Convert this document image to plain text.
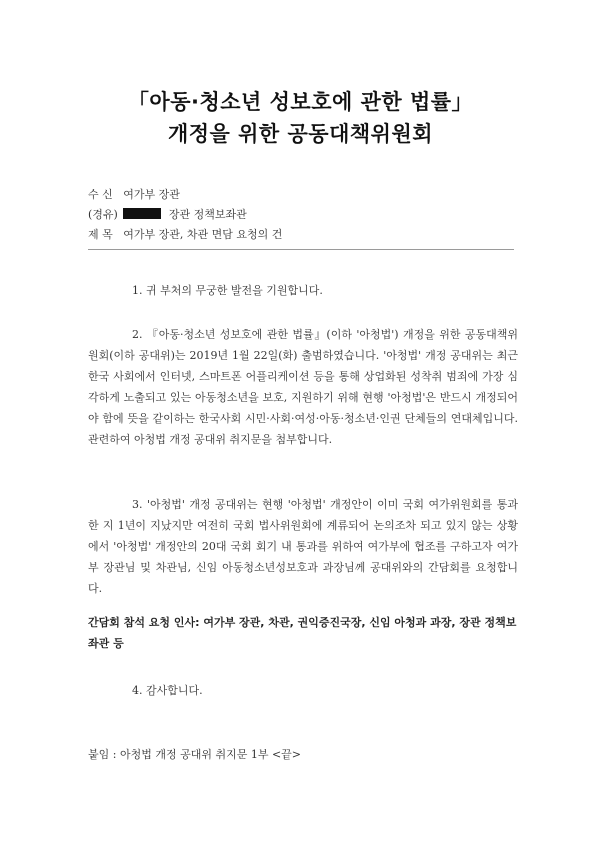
「아동·청소년 성보호에 관한 법률」
개정을 위한 공동대책위원회
수 신 여가부 장관
(경유)	장관 정책보좌관
제 목 여가부 장관, 차관 면담 요청의 건

1. 귀 부처의 무궁한 발전을 기원합니다.

2. 『아동·청소년 성보호에 관한 법률』(이하 '아청법') 개정을 위한 공동대책위원회(이하 공대위)는 2019년 1월 22일(화) 출범하였습니다. '아청법' 개정 공대위는 최근 한국 사회에서 인터넷, 스마트폰 어플리케이션 등을 통해 상업화된 성착취 범죄에 가장 심각하게 노출되고 있는 아동청소년을 보호, 지원하기 위해 현행 '아청법'은 반드시 개정되어야 함에 뜻을 같이하는 한국사회 시민·사회·여성·아동·청소년·인권 단체들의 연대체입니다. 관련하여 아청법 개정 공대위 취지문을 첨부합니다.

3. '아청법' 개정 공대위는 현행 '아청법' 개정안이 이미 국회 여가위원회를 통과한 지 1년이 지났지만 여전히 국회 법사위원회에 계류되어 논의조차 되고 있지 않는 상황에서 '아청법' 개정안의 20대 국회 회기 내 통과를 위하여 여가부에 협조를 구하고자 여가부 장관님 및 차관님, 신임 아동청소년성보호과 과장님께 공대위와의 간담회를 요청합니다.

간담회 참석 요청 인사: 여가부 장관, 차관, 권익증진국장, 신임 아청과 과장, 장관 정책보좌관 등

4. 감사합니다.
붙임 : 아청법 개정 공대위 취지문 1부 <끝>
